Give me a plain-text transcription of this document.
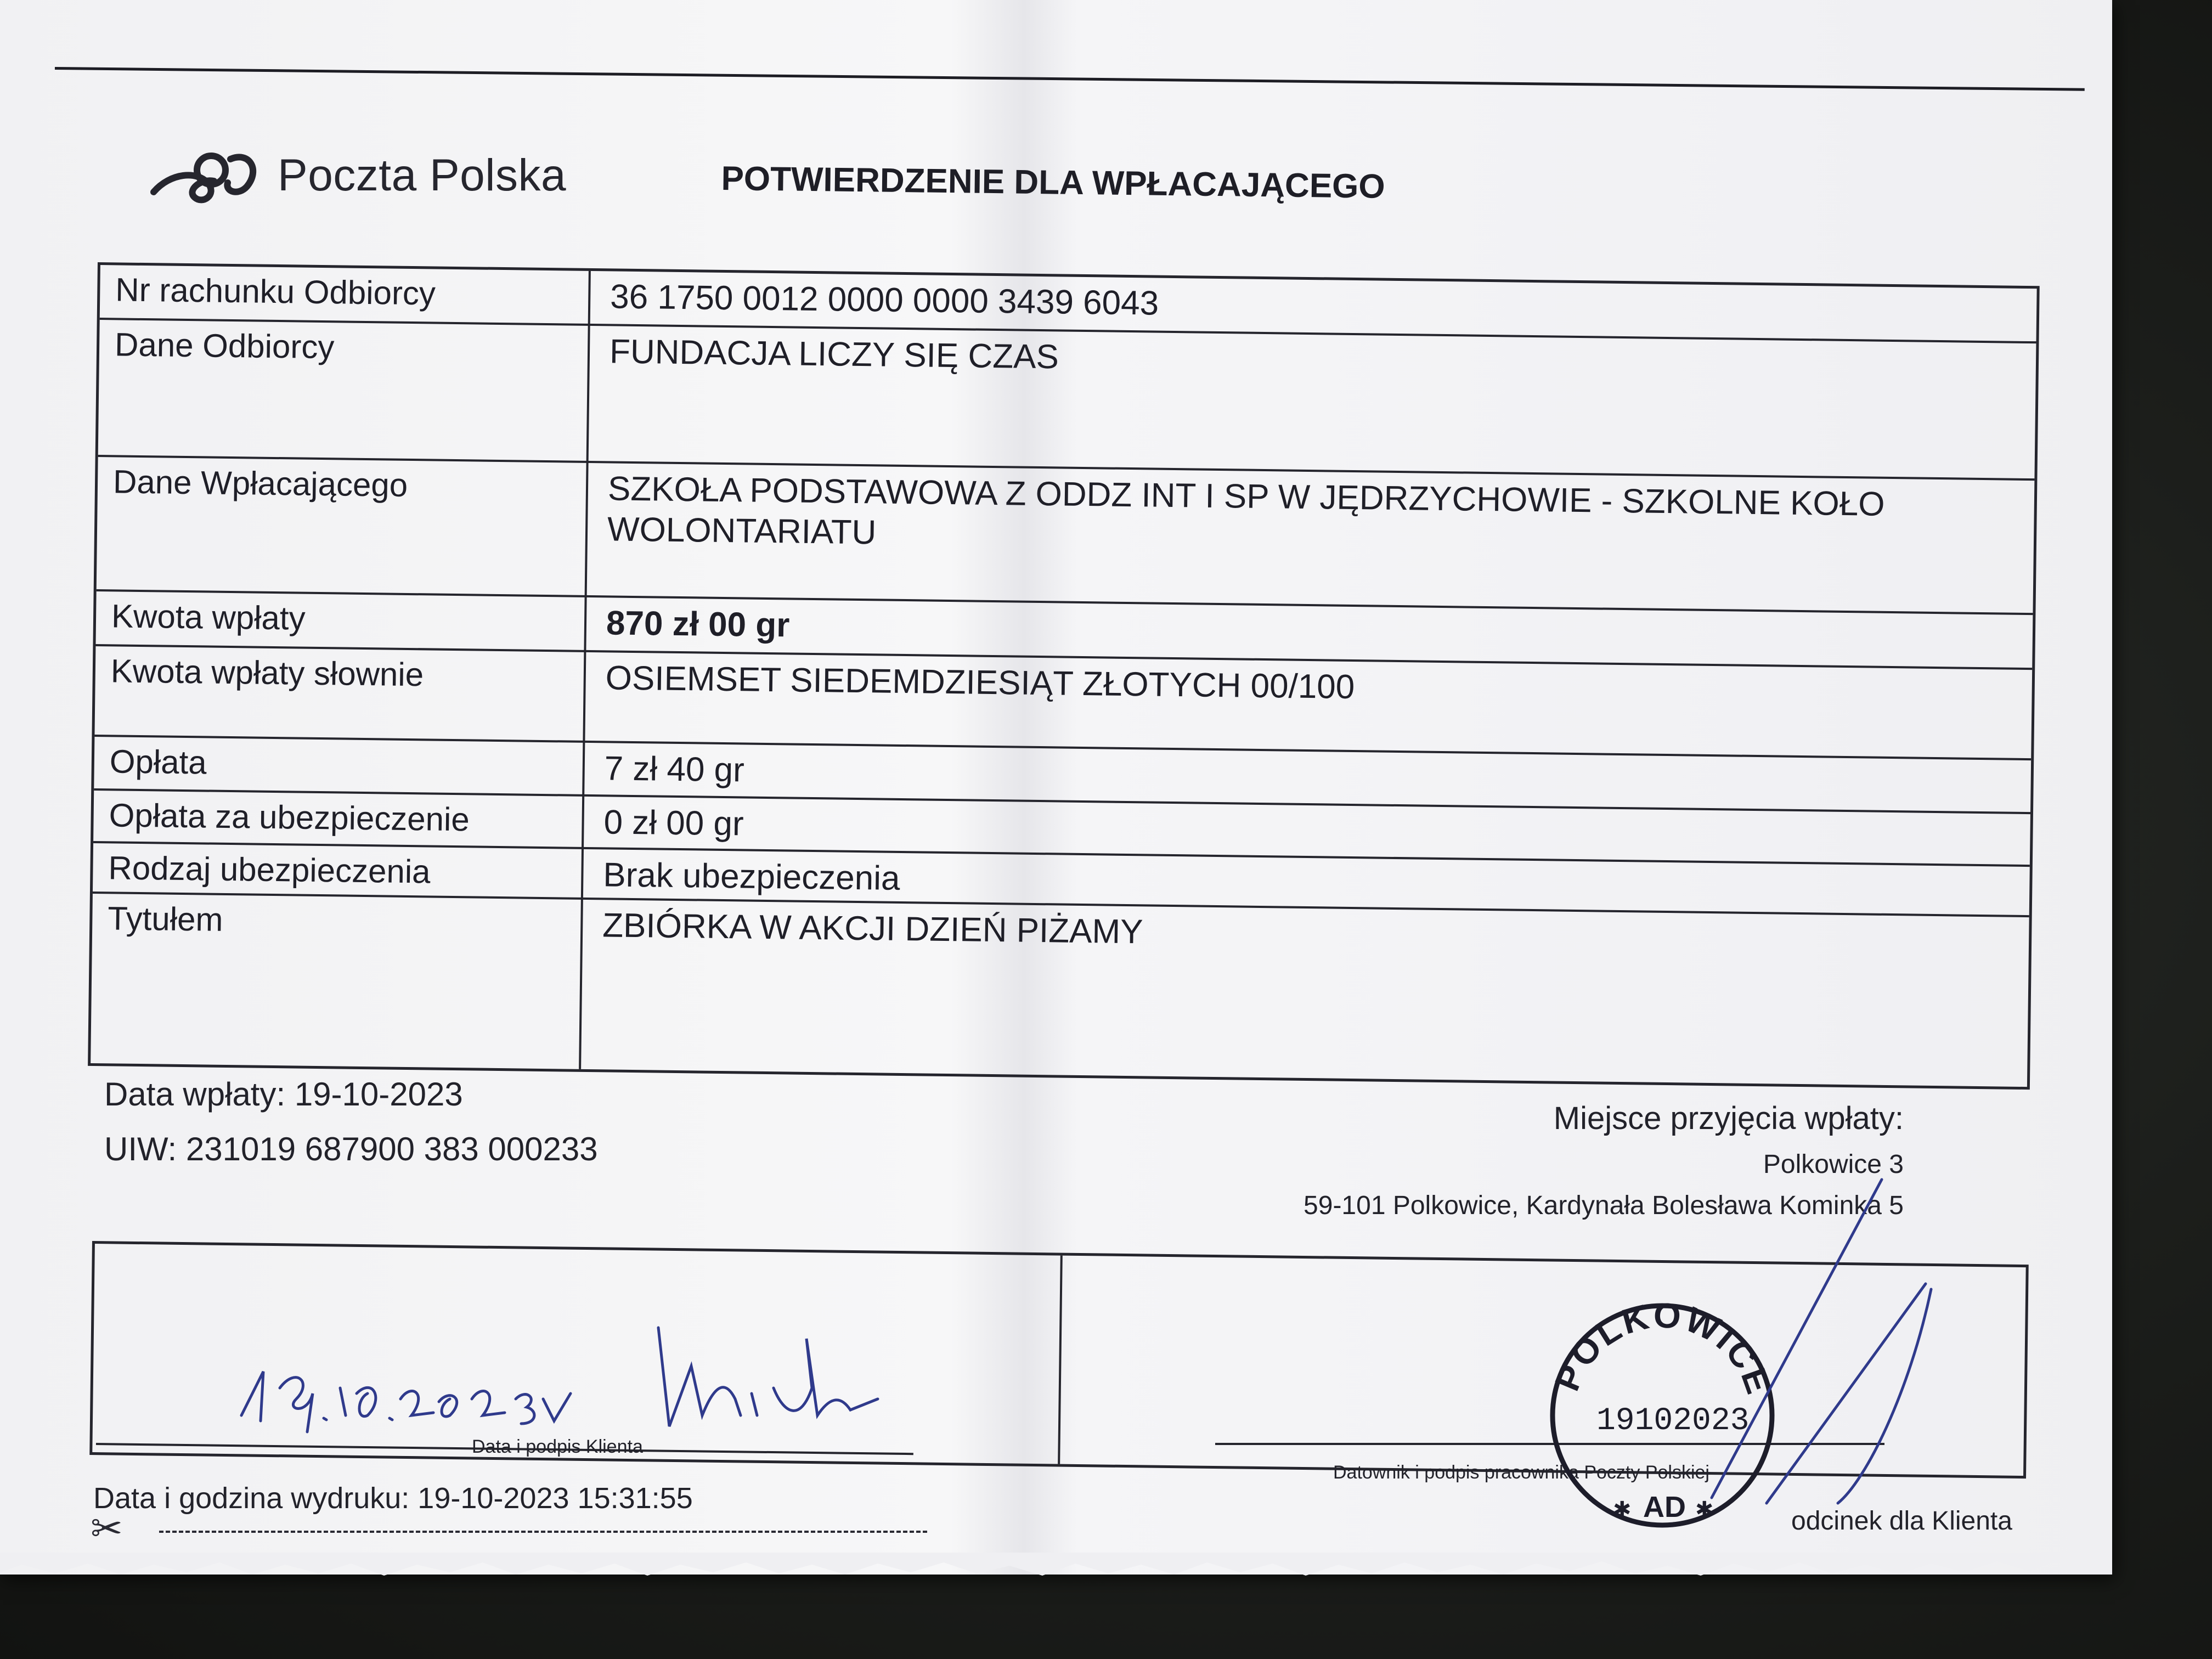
Poczta Polska	POTWIERDZENIE DLA WPŁACAJĄCEGO
Nr rachunku Odbiorcy	36 1750 0012 0000 0000 3439 6043
Dane Odbiorcy	FUNDACJA LICZY SIĘ CZAS
Dane Wpłacającego	SZKOŁA PODSTAWOWA Z ODDZ INT I SP W JĘDRZYCHOWIE - SZKOLNE KOŁO WOLONTARIATU
Kwota wpłaty	870 zł 00 gr
Kwota wpłaty słownie	OSIEMSET SIEDEMDZIESIĄT ZŁOTYCH 00/100
Opłata	7 zł 40 gr
Opłata za ubezpieczenie	0 zł 00 gr
Rodzaj ubezpieczenia	Brak ubezpieczenia
Tytułem	ZBIÓRKA W AKCJI DZIEŃ PIŻAMY
Data wpłaty: 19-10-2023
UIW: 231019 687900 383 000233
Miejsce przyjęcia wpłaty:
Polkowice 3
59-101 Polkowice, Kardynała Bolesława Kominka 5
Data i podpis Klienta
Datownik i podpis pracownika Poczty Polskiej
POLKOWICE
19102023
AD
✱	✱
Data i godzina wydruku: 19-10-2023 15:31:55
✂	odcinek dla Klienta
